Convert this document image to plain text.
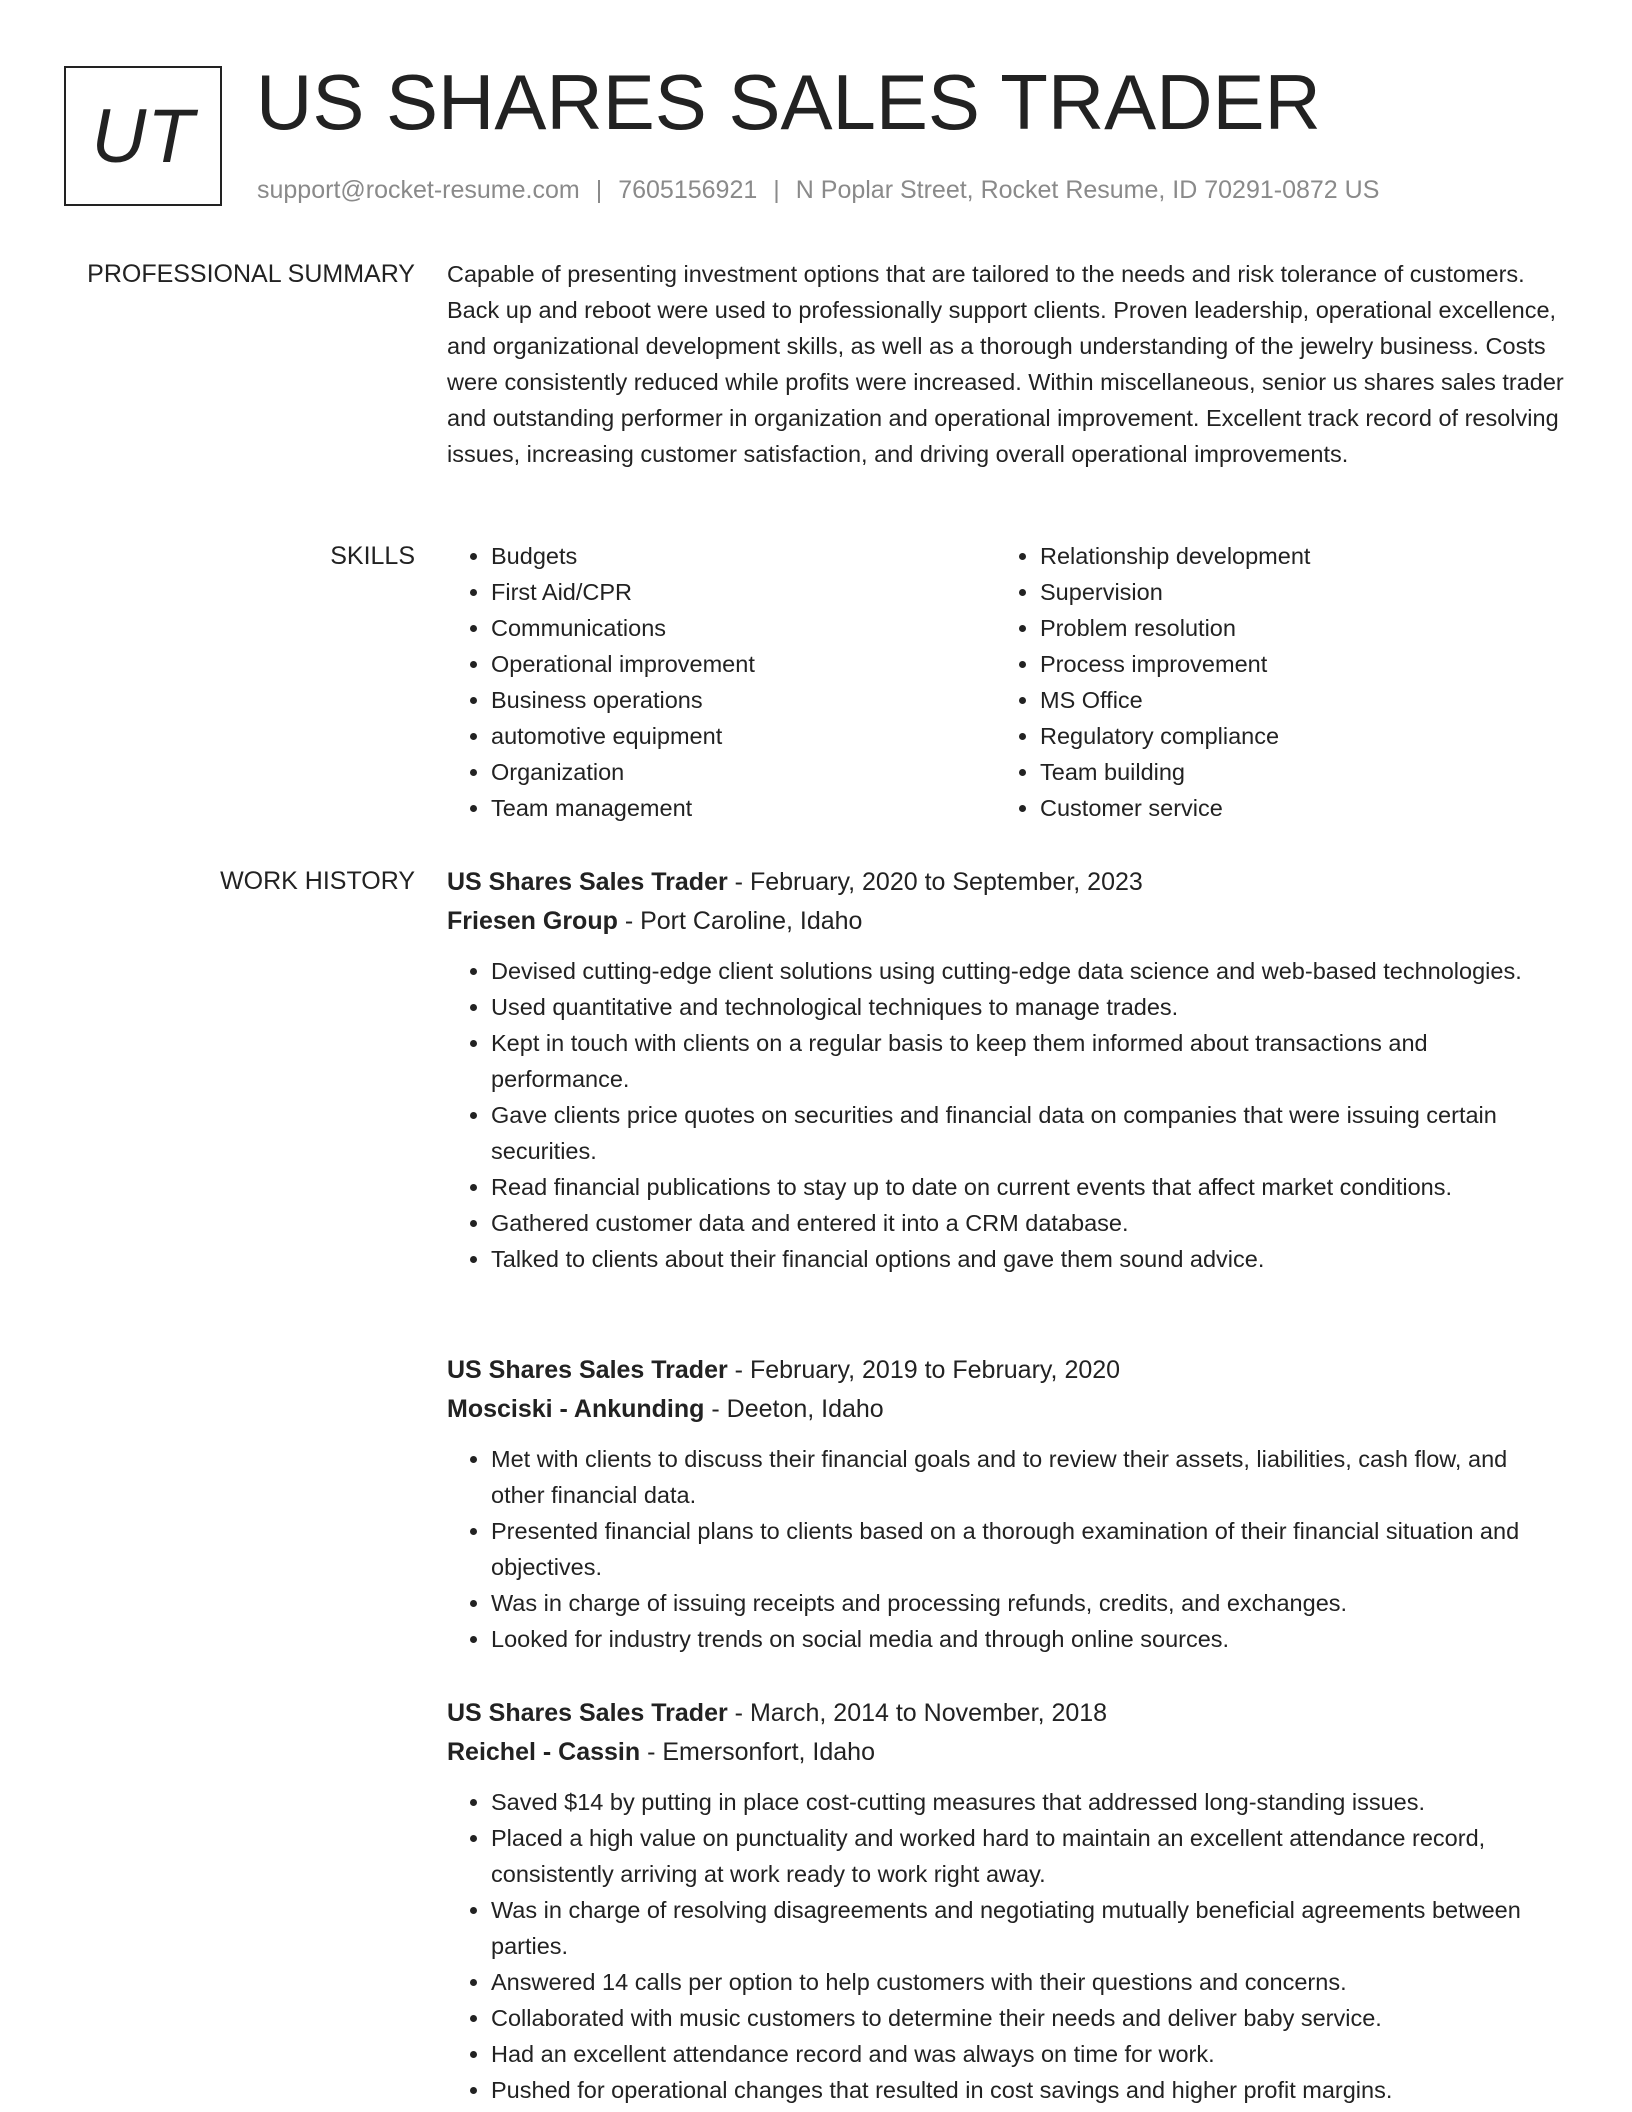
UT US SHARES SALES TRADER
support@rocket-resume.com | 7605156921 | N Poplar Street, Rocket Resume, ID 70291-0872 US
PROFESSIONAL SUMMARY Capable of presenting investment options that are tailored to the needs and risk tolerance of customers. Back up and reboot were used to professionally support clients. Proven leadership, operational excellence, and organizational development skills, as well as a thorough understanding of the jewelry business. Costs were consistently reduced while profits were increased. Within miscellaneous, senior us shares sales trader and outstanding performer in organization and operational improvement. Excellent track record of resolving issues, increasing customer satisfaction, and driving overall operational improvements.

SKILLS
•	Budgets
• First Aid/CPR
• Communications
• Operational improvement
• Business operations
• automotive equipment
• Organization
• Team management
• Relationship development
• Supervision
• Problem resolution
• Process improvement
• MS Office
• Regulatory compliance
• Team building
• Customer service
WORK HISTORY US Shares Sales Trader - February, 2020 to September, 2023

Friesen Group - Port Caroline, Idaho

• Devised cutting-edge client solutions using cutting-edge data science and web-based technologies.
• Used quantitative and technological techniques to manage trades.
• Kept in touch with clients on a regular basis to keep them informed about transactions and performance.
• Gave clients price quotes on securities and financial data on companies that were issuing certain securities.
• Read financial publications to stay up to date on current events that affect market conditions.
• Gathered customer data and entered it into a CRM database.
• Talked to clients about their financial options and gave them sound advice.

US Shares Sales Trader - February, 2019 to February, 2020

Mosciski - Ankunding - Deeton, Idaho

• Met with clients to discuss their financial goals and to review their assets, liabilities, cash flow, and other financial data.
• Presented financial plans to clients based on a thorough examination of their financial situation and objectives.
• Was in charge of issuing receipts and processing refunds, credits, and exchanges.
• Looked for industry trends on social media and through online sources.

US Shares Sales Trader - March, 2014 to November, 2018

Reichel - Cassin - Emersonfort, Idaho

• Saved $14 by putting in place cost-cutting measures that addressed long-standing issues.
• Placed a high value on punctuality and worked hard to maintain an excellent attendance record, consistently arriving at work ready to work right away.
• Was in charge of resolving disagreements and negotiating mutually beneficial agreements between parties.
• Answered 14 calls per option to help customers with their questions and concerns.
• Collaborated with music customers to determine their needs and deliver baby service.
• Had an excellent attendance record and was always on time for work.
• Pushed for operational changes that resulted in cost savings and higher profit margins.
